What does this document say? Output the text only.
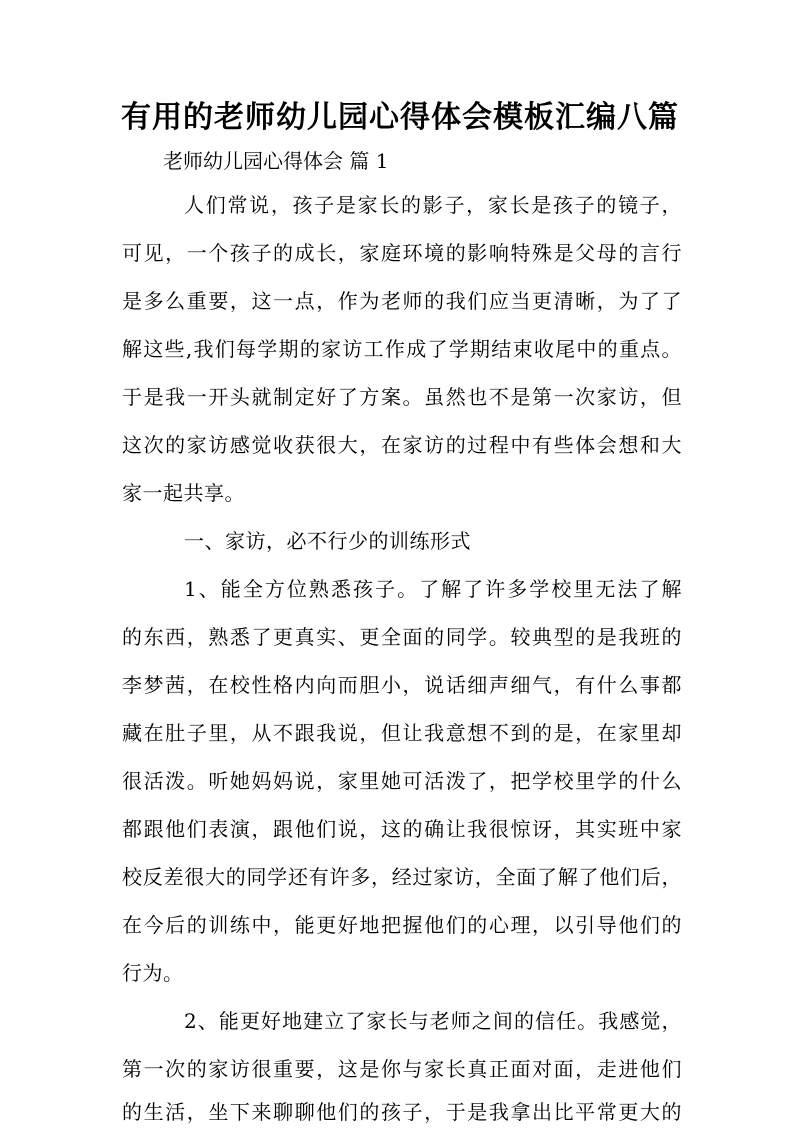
有用的老师幼儿园心得体会模板汇编八篇
老师幼儿园心得体会 篇 1
人们常说，孩子是家长的影子，家长是孩子的镜子，
可见，一个孩子的成长，家庭环境的影响特殊是父母的言行
是多么重要，这一点，作为老师的我们应当更清晰，为了了
解这些,我们每学期的家访工作成了学期结束收尾中的重点。
于是我一开头就制定好了方案。虽然也不是第一次家访，但
这次的家访感觉收获很大，在家访的过程中有些体会想和大
家一起共享。
一、家访，必不行少的训练形式
1、能全方位熟悉孩子。了解了许多学校里无法了解
的东西，熟悉了更真实、更全面的同学。较典型的是我班的
李梦茜，在校性格内向而胆小，说话细声细气，有什么事都
藏在肚子里，从不跟我说，但让我意想不到的是，在家里却
很活泼。听她妈妈说，家里她可活泼了，把学校里学的什么
都跟他们表演，跟他们说，这的确让我很惊讶，其实班中家
校反差很大的同学还有许多，经过家访，全面了解了他们后，
在今后的训练中，能更好地把握他们的心理，以引导他们的
行为。
2、能更好地建立了家长与老师之间的信任。我感觉，
第一次的家访很重要，这是你与家长真正面对面，走进他们
的生活，坐下来聊聊他们的孩子，于是我拿出比平常更大的
